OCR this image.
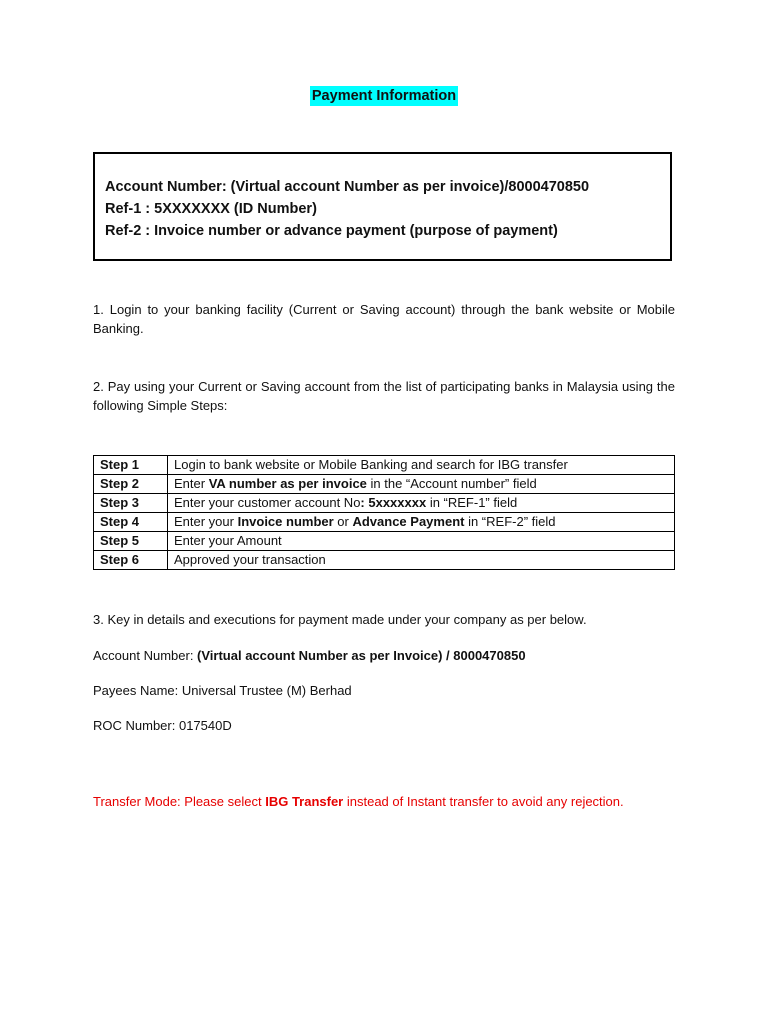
Payment Information
Account Number: (Virtual account Number as per invoice)/8000470850
Ref-1 : 5XXXXXXX (ID Number)
Ref-2 : Invoice number or advance payment (purpose of payment)
1. Login to your banking facility (Current or Saving account) through the bank website or Mobile Banking.
2. Pay using your Current or Saving account from the list of participating banks in Malaysia using the following Simple Steps:
Step 1	Login to bank website or Mobile Banking and search for IBG transfer
Step 2	Enter VA number as per invoice in the “Account number” field
Step 3	Enter your customer account No: 5xxxxxxx in “REF-1” field
Step 4	Enter your Invoice number or Advance Payment in “REF-2” field
Step 5	Enter your Amount
Step 6	Approved your transaction
3. Key in details and executions for payment made under your company as per below.
Account Number: (Virtual account Number as per Invoice) / 8000470850
Payees Name: Universal Trustee (M) Berhad
ROC Number: 017540D
Transfer Mode: Please select IBG Transfer instead of Instant transfer to avoid any rejection.
